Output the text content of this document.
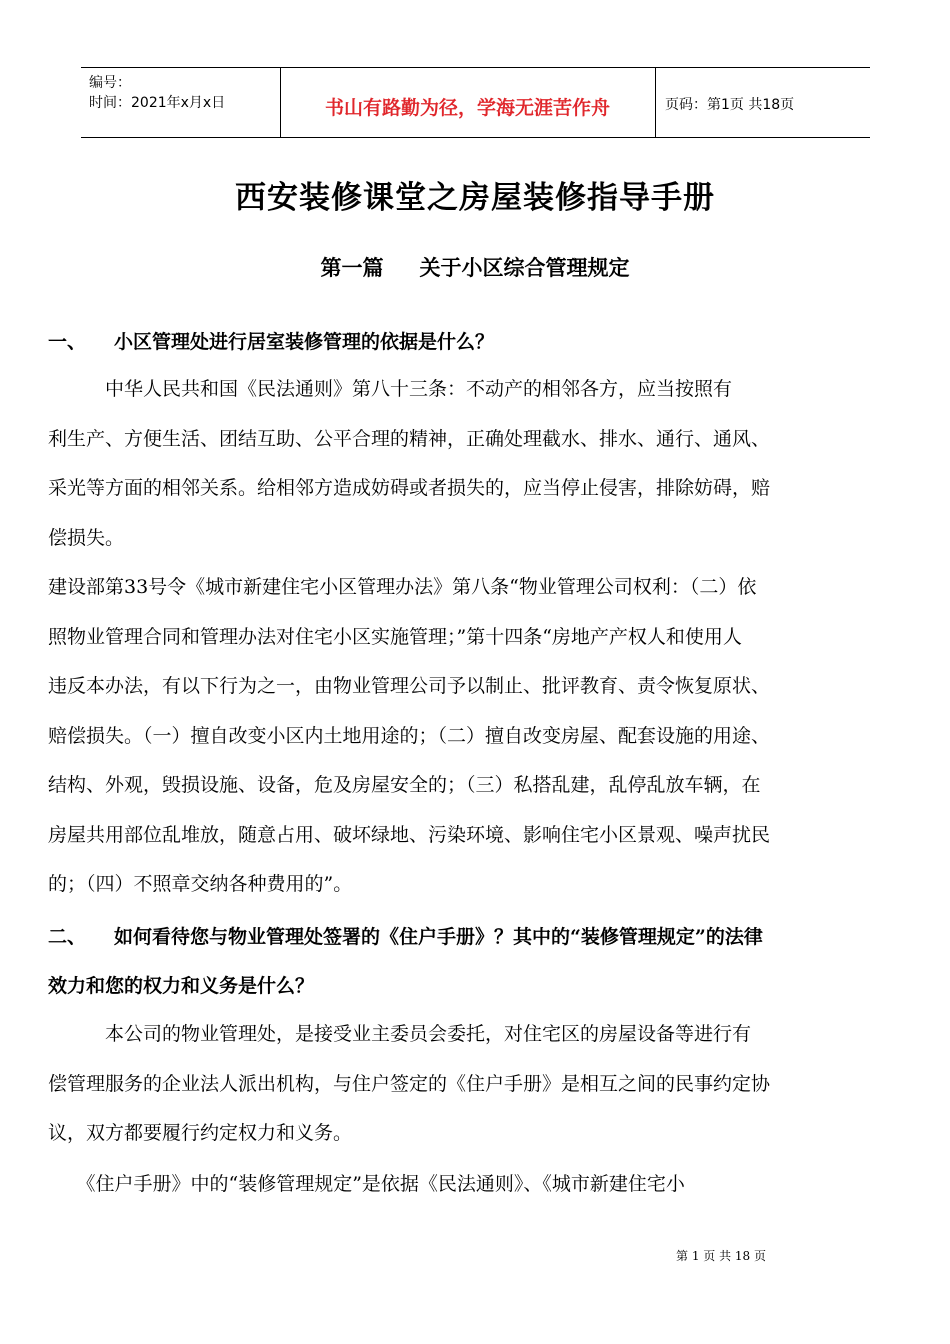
编号：
时间：2021年x月x日	书山有路勤为径，学海无涯苦作舟	页码：第1页 共18页
西安装修课堂之房屋装修指导手册
第一篇 关于小区综合管理规定
一、 小区管理处进行居室装修管理的依据是什么？
　　　中华人民共和国《民法通则》第八十三条：不动产的相邻各方，应当按照有
利生产、方便生活、团结互助、公平合理的精神，正确处理截水、排水、通行、通风、
采光等方面的相邻关系。给相邻方造成妨碍或者损失的，应当停止侵害，排除妨碍，赔
偿损失。
建设部第33号令《城市新建住宅小区管理办法》第八条“物业管理公司权利：（二）依
照物业管理合同和管理办法对住宅小区实施管理；”第十四条“房地产产权人和使用人
违反本办法，有以下行为之一，由物业管理公司予以制止、批评教育、责令恢复原状、
赔偿损失。（一）擅自改变小区内土地用途的；（二）擅自改变房屋、配套设施的用途、
结构、外观，毁损设施、设备，危及房屋安全的；（三）私搭乱建，乱停乱放车辆，在
房屋共用部位乱堆放，随意占用、破坏绿地、污染环境、影响住宅小区景观、噪声扰民
的；（四）不照章交纳各种费用的”。
二、 如何看待您与物业管理处签署的《住户手册》？其中的“装修管理规定”的法律
效力和您的权力和义务是什么？
　　　本公司的物业管理处，是接受业主委员会委托，对住宅区的房屋设备等进行有
偿管理服务的企业法人派出机构，与住户签定的《住户手册》是相互之间的民事约定协
议，双方都要履行约定权力和义务。
　　《住户手册》中的“装修管理规定”是依据《民法通则》、《城市新建住宅小
第 1 页 共 18 页
